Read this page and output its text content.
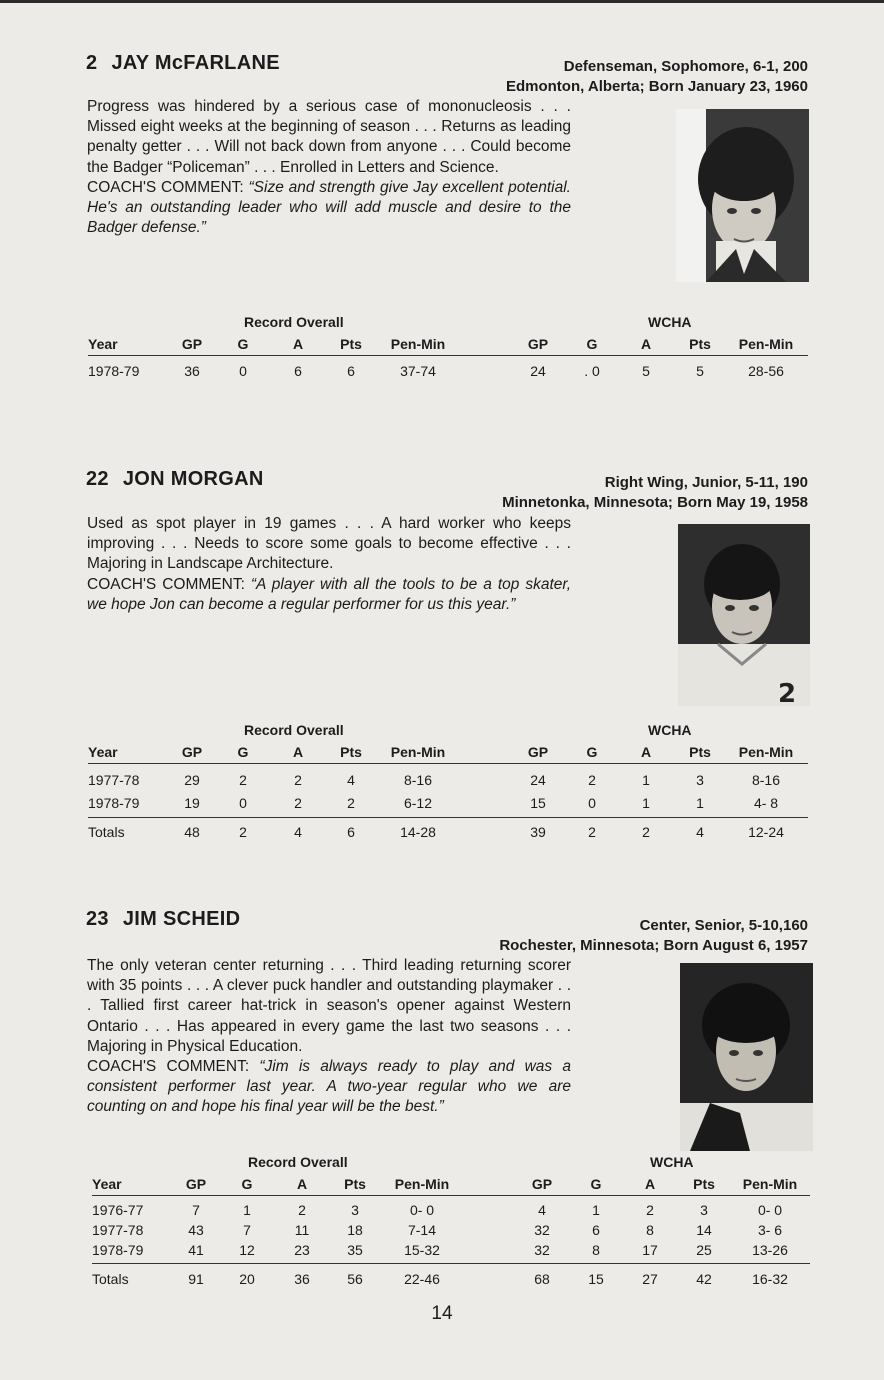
2 JAY McFARLANE	Defenseman, Sophomore, 6-1, 200
Edmonton, Alberta; Born January 23, 1960

Progress was hindered by a serious case of mononucleosis . . . Missed eight weeks at the beginning of season . . . Returns as leading penalty getter . . . Will not back down from anyone . . . Could become the Badger “Policeman” . . . Enrolled in Letters and Science.

COACH'S COMMENT: “Size and strength give Jay excellent potential. He's an outstanding leader who will add muscle and desire to the Badger defense.”

Record Overall	WCHA
Year	GP	G	A	Pts Pen-Min	GP	G	A	Pts Pen-Min
1978-79	36	0	6	6	37-74	24	. 0	5	5	28-56
22 JON MORGAN	Right Wing, Junior, 5-11, 190
Minnetonka, Minnesota; Born May 19, 1958

Used as spot player in 19 games . . . A hard worker who keeps improving . . . Needs to score some goals to become effective . . . Majoring in Landscape Architecture.

COACH'S COMMENT: “A player with all the tools to be a top skater, we hope Jon can become a regular performer for us this year.”

2
Record Overall	WCHA
Year	GP	G	A	Pts Pen-Min	GP	G	A	Pts Pen-Min
1977-78	29	2	2	4	8-16	24	2	1	3	8-16
1978-79	19	0	2	2	6-12	15	0	1	1	4- 8
Totals	48	2	4	6	14-28	39	2	2	4	12-24
23 JIM SCHEID	Center, Senior, 5-10,160
Rochester, Minnesota; Born August 6, 1957

The only veteran center returning . . . Third leading returning scorer with 35 points . . . A clever puck handler and outstanding playmaker . . . Tallied first career hat-trick in season's opener against Western Ontario . . . Has appeared in every game the last two seasons . . . Majoring in Physical Education.

COACH'S COMMENT: “Jim is always ready to play and was a consistent performer last year. A two-year regular who we are counting on and hope his final year will be the best.”

Record Overall	WCHA
Year	GP	G	A	Pts Pen-Min	GP	G	A	Pts Pen-Min
1976-77	7	1	2	3	0- 0	4	1	2	3	0- 0
1977-78	43	7	11	18	7-14	32	6	8	14	3- 6
1978-79	41	12	23	35	15-32	32	8	17	25	13-26
Totals	91	20	36	56	22-46	68	15	27	42	16-32
14
